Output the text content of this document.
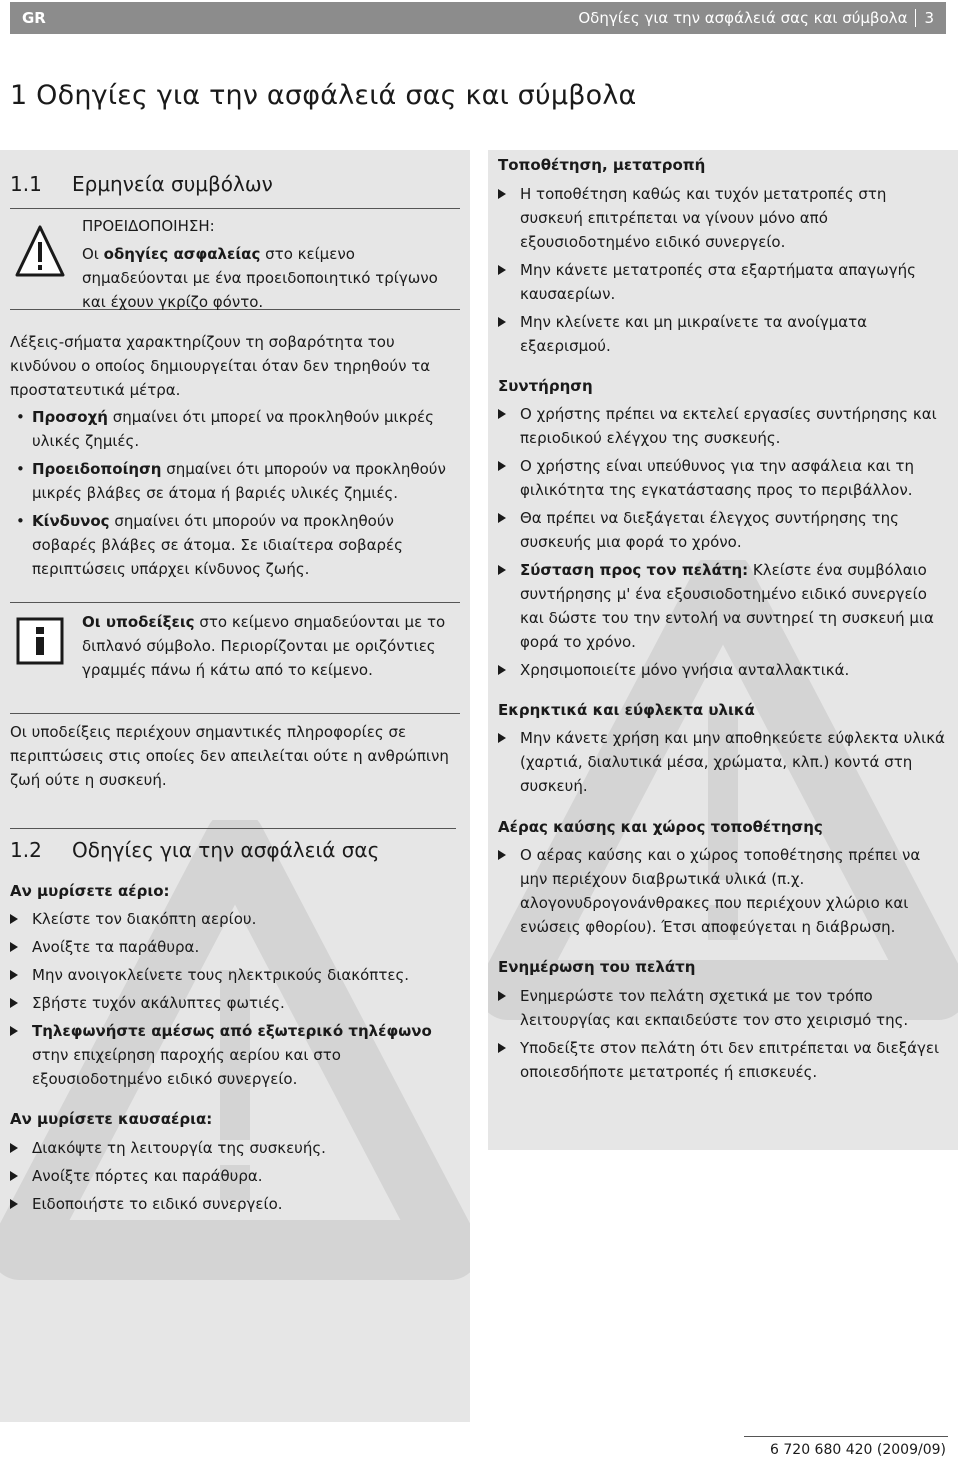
GR	Οδηγίες για την ασφάλειά σας και σύμβολα 3
1 Οδηγίες για την ασφάλειά σας και σύμβολα
1.1 Ερμηνεία συμβόλων
ΠΡΟΕΙΔΟΠΟΙΗΣΗ:
Οι οδηγίες ασφαλείας στο κείμενο σημαδεύονται με ένα προειδοποιητικό τρίγωνο και έχουν γκρίζο φόντο.
Λέξεις-σήματα χαρακτηρίζουν τη σοβαρότητα του κινδύνου ο οποίος δημιουργείται όταν δεν τηρηθούν τα προστατευτικά μέτρα.
• Προσοχή σημαίνει ότι μπορεί να προκληθούν μικρές υλικές ζημιές.
• Προειδοποίηση σημαίνει ότι μπορούν να προκληθούν μικρές βλάβες σε άτομα ή βαριές υλικές ζημιές.
• Κίνδυνος σημαίνει ότι μπορούν να προκληθούν σοβαρές βλάβες σε άτομα. Σε ιδιαίτερα σοβαρές περιπτώσεις υπάρχει κίνδυνος ζωής.
Οι υποδείξεις στο κείμενο σημαδεύονται με το διπλανό σύμβολο. Περιορίζονται με οριζόντιες γραμμές πάνω ή κάτω από το κείμενο.
Οι υποδείξεις περιέχουν σημαντικές πληροφορίες σε περιπτώσεις στις οποίες δεν απειλείται ούτε η ανθρώπινη ζωή ούτε η συσκευή.
1.2 Οδηγίες για την ασφάλειά σας
Αν μυρίσετε αέριο:
Κλείστε τον διακόπτη αερίου.
Ανοίξτε τα παράθυρα.
Μην ανοιγοκλείνετε τους ηλεκτρικούς διακόπτες.
Σβήστε τυχόν ακάλυπτες φωτιές.
Τηλεφωνήστε αμέσως από εξωτερικό τηλέφωνο στην επιχείρηση παροχής αερίου και στο εξουσιοδοτημένο ειδικό συνεργείο.
Αν μυρίσετε καυσαέρια:
Διακόψτε τη λειτουργία της συσκευής.
Ανοίξτε πόρτες και παράθυρα.
Ειδοποιήστε το ειδικό συνεργείο.
Τοποθέτηση, μετατροπή
Η τοποθέτηση καθώς και τυχόν μετατροπές στη συσκευή επιτρέπεται να γίνουν μόνο από εξουσιοδοτημένο ειδικό συνεργείο.
Μην κάνετε μετατροπές στα εξαρτήματα απαγωγής καυσαερίων.
Μην κλείνετε και μη μικραίνετε τα ανοίγματα εξαερισμού.
Συντήρηση
Ο χρήστης πρέπει να εκτελεί εργασίες συντήρησης και περιοδικού ελέγχου της συσκευής.
Ο χρήστης είναι υπεύθυνος για την ασφάλεια και τη φιλικότητα της εγκατάστασης προς το περιβάλλον.
Θα πρέπει να διεξάγεται έλεγχος συντήρησης της συσκευής μια φορά το χρόνο.
Σύσταση προς τον πελάτη: Κλείστε ένα συμβόλαιο συντήρησης μ' ένα εξουσιοδοτημένο ειδικό συνεργείο και δώστε του την εντολή να συντηρεί τη συσκευή μια φορά το χρόνο.
Χρησιμοποιείτε μόνο γνήσια ανταλλακτικά.
Εκρηκτικά και εύφλεκτα υλικά
Μην κάνετε χρήση και μην αποθηκεύετε εύφλεκτα υλικά (χαρτιά, διαλυτικά μέσα, χρώματα, κλπ.) κοντά στη συσκευή.
Αέρας καύσης και χώρος τοποθέτησης
Ο αέρας καύσης και ο χώρος τοποθέτησης πρέπει να μην περιέχουν διαβρωτικά υλικά (π.χ. αλογονυδρογονάνθρακες που περιέχουν χλώριο και ενώσεις φθορίου). Έτσι αποφεύγεται η διάβρωση.
Ενημέρωση του πελάτη
Ενημερώστε τον πελάτη σχετικά με τον τρόπο λειτουργίας και εκπαιδεύστε τον στο χειρισμό της.
Υποδείξτε στον πελάτη ότι δεν επιτρέπεται να διεξάγει οποιεσδήποτε μετατροπές ή επισκευές.
6 720 680 420 (2009/09)
